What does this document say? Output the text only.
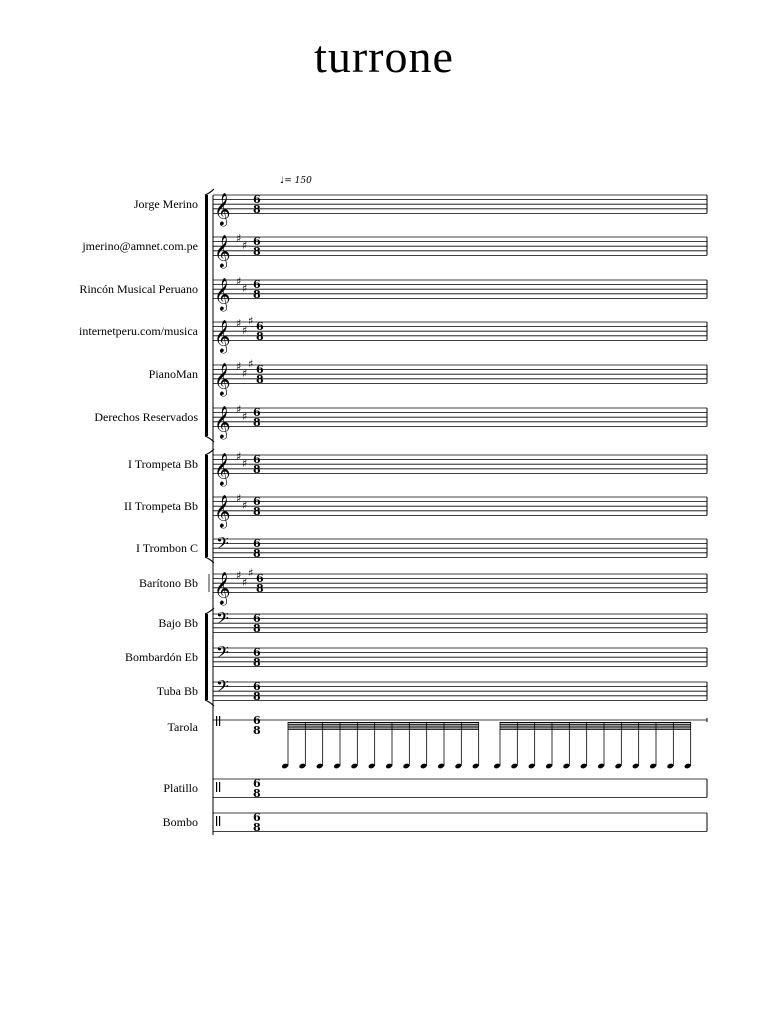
turrone
♩= 150
Jorge Merino
jmerino@amnet.com.pe
Rincón Musical Peruano
internetperu.com/musica
PianoMan
Derechos Reservados
I Trompeta Bb
II Trompeta Bb
I Trombon C
Barítono Bb
Bajo Bb
Bombardón Eb
Tuba Bb
Tarola
Platillo
Bombo
𝄞 6
8
𝄞 ♯
♯ 6
8
𝄞 ♯
♯ 6
8
𝄞 ♯
♯
♯ 6
8
𝄞 ♯
♯
♯ 6
8
𝄞 ♯
♯ 6
8
𝄞 ♯
♯ 6
8
𝄞 ♯
♯ 6
8
𝄢 6
8
𝄞 ♯
♯
♯ 6
8
𝄢 6
8
𝄢 6
8
𝄢 6
8
6
8
6
8
6
8
